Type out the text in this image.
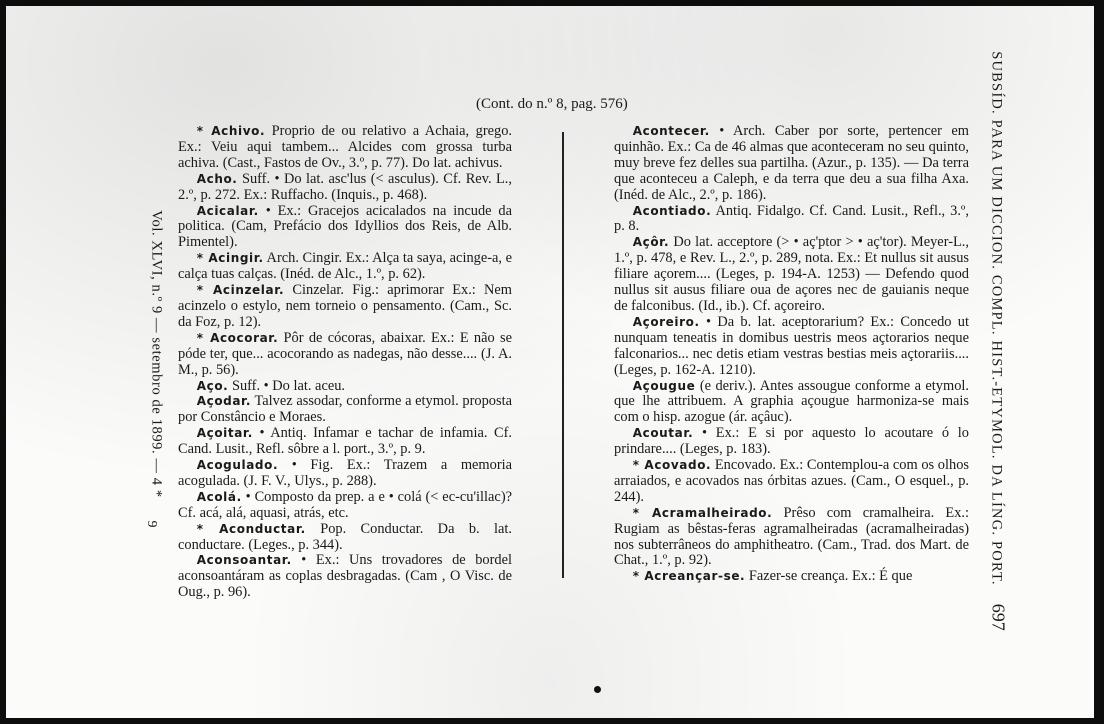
(Cont. do n.º 8, pag. 576)
Vol. XLVI, n.º 9 — setembro de 1899. — 4 *
9	SUBSÍD. PARA UM DICCION. COMPL. HIST.-ETYMOL. DA LÍNG. PORT.697

* Achivo. Proprio de ou relativo a Achaia, grego. Ex.: Veiu aqui tambem... Alcides com grossa turba achiva. (Cast., Fastos de Ov., 3.º, p. 77). Do lat. achivus.

Acho. Suff. • Do lat. asc'lus (< asculus). Cf. Rev. L., 2.º, p. 272. Ex.: Ruffacho. (Inquis., p. 468).

Acicalar. • Ex.: Gracejos acicalados na incude da politica. (Cam, Prefácio dos Idyllios dos Reis, de Alb. Pimentel).

* Acingir. Arch. Cingir. Ex.: Alça ta saya, acinge-a, e calça tuas calças. (Inéd. de Alc., 1.º, p. 62).

* Acinzelar. Cinzelar. Fig.: aprimorar Ex.: Nem acinzelo o estylo, nem torneio o pensamento. (Cam., Sc. da Foz, p. 12).

* Acocorar. Pôr de cócoras, abaixar. Ex.: E não se póde ter, que... acocorando as nadegas, não desse.... (J. A. M., p. 56).

Aço. Suff. • Do lat. aceu.

Açodar. Talvez assodar, conforme a etymol. proposta por Constâncio e Moraes.

Açoitar. • Antiq. Infamar e tachar de infamia. Cf. Cand. Lusit., Refl. sôbre a l. port., 3.º, p. 9.

Acogulado. • Fig. Ex.: Trazem a memoria acogulada. (J. F. V., Ulys., p. 288).

Acolá. • Composto da prep. a e • colá (< ec-cu'illac)? Cf. acá, alá, aquasi, atrás, etc.

* Aconductar. Pop. Conductar. Da b. lat. conductare. (Leges., p. 344).

Aconsoantar. • Ex.: Uns trovadores de bordel aconsoantáram as coplas desbragadas. (Cam , O Visc. de Oug., p. 96).

Acontecer. • Arch. Caber por sorte, pertencer em quinhão. Ex.: Ca de 46 almas que aconteceram no seu quinto, muy breve fez delles sua partilha. (Azur., p. 135). — Da terra que aconteceu a Caleph, e da terra que deu a sua filha Axa. (Inéd. de Alc., 2.º, p. 186).

Acontiado. Antiq. Fidalgo. Cf. Cand. Lusit., Refl., 3.º, p. 8.

Açôr. Do lat. acceptore (> • aç'ptor > • aç'tor). Meyer-L., 1.º, p. 478, e Rev. L., 2.º, p. 289, nota. Ex.: Et nullus sit ausus filiare açorem.... (Leges, p. 194-A. 1253) — Defendo quod nullus sit ausus filiare oua de açores nec de gauianis neque de falconibus. (Id., ib.). Cf. açoreiro.

Açoreiro. • Da b. lat. aceptorarium? Ex.: Concedo ut nunquam teneatis in domibus uestris meos açtorarios neque falconarios... nec detis etiam vestras bestias meis açtorariis.... (Leges, p. 162-A. 1210).

Açougue (e deriv.). Antes assougue conforme a etymol. que lhe attribuem. A graphia açougue harmoniza-se mais com o hisp. azogue (ár. açâuc).

Acoutar. • Ex.: E si por aquesto lo acoutare ó lo prindare.... (Leges, p. 183).

* Acovado. Encovado. Ex.: Contemplou-a com os olhos arraiados, e acovados nas órbitas azues. (Cam., O esquel., p. 244).

* Acramalheirado. Prêso com cramalheira. Ex.: Rugiam as bêstas-feras agramalheiradas (acramalheiradas) nos subterrâneos do amphitheatro. (Cam., Trad. dos Mart. de Chat., 1.º, p. 92).

* Acreançar-se. Fazer-se creança. Ex.: É que
